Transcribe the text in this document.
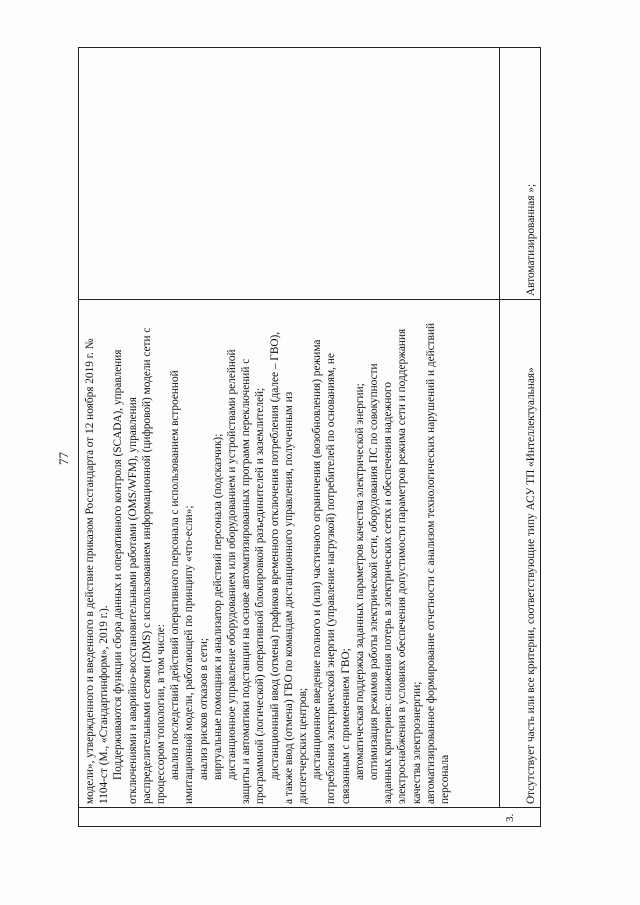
77 модели», утвержденного и введенного в действие приказом Росстандарта от 12 ноября 2019 г. № 1104-ст (М., «Стандартинформ», 2019 г.). Поддерживаются функции сбора данных и оперативного контроля (SCADA), управления отключениями и аварийно-восстановительными работами (OMS/WFM), управления распределительными сетями (DMS) с использованием информационной (цифровой) модели сети с процессором топологии, в том числе: анализ последствий действий оперативного персонала с использованием встроенной имитационной модели, работающей по принципу «что-если»; анализ рисков отказов в сети; виртуальные помощник и анализатор действий персонала (подсказчик); дистанционное управление оборудованием или оборудованием и устройствами релейной защиты и автоматики подстанции на основе автоматизированных программ переключений с программной (логической) оперативной блокировкой разъединителей и заземлителей; дистанционный ввод (отмена) графиков временного отключения потребления (далее – ГВО), а также ввод (отмена) ГВО по командам дистанционного управления, полученным из диспетчерских центров; дистанционное введение полного и (или) частичного ограничения (возобновления) режима потребления электрической энергии (управление нагрузкой) потребителей по основаниям, не связанным с применением ГВО; автоматическая поддержка заданных параметров качества электрической энергии; оптимизация режимов работы электрической сети, оборудования ПС по совокупности заданных критериев: снижения потерь в электрических сетях и обеспечения надежного электроснабжения в условиях обеспечения допустимости параметров режима сети и поддержания качества электроэнергии; автоматизированное формирование отчетности с анализом технологических нарушений и действий персонала

3.
Отсутствует часть или все критерии, соответствующие типу АСУ ТП «Интеллектуальная»
Автоматизированная »;
